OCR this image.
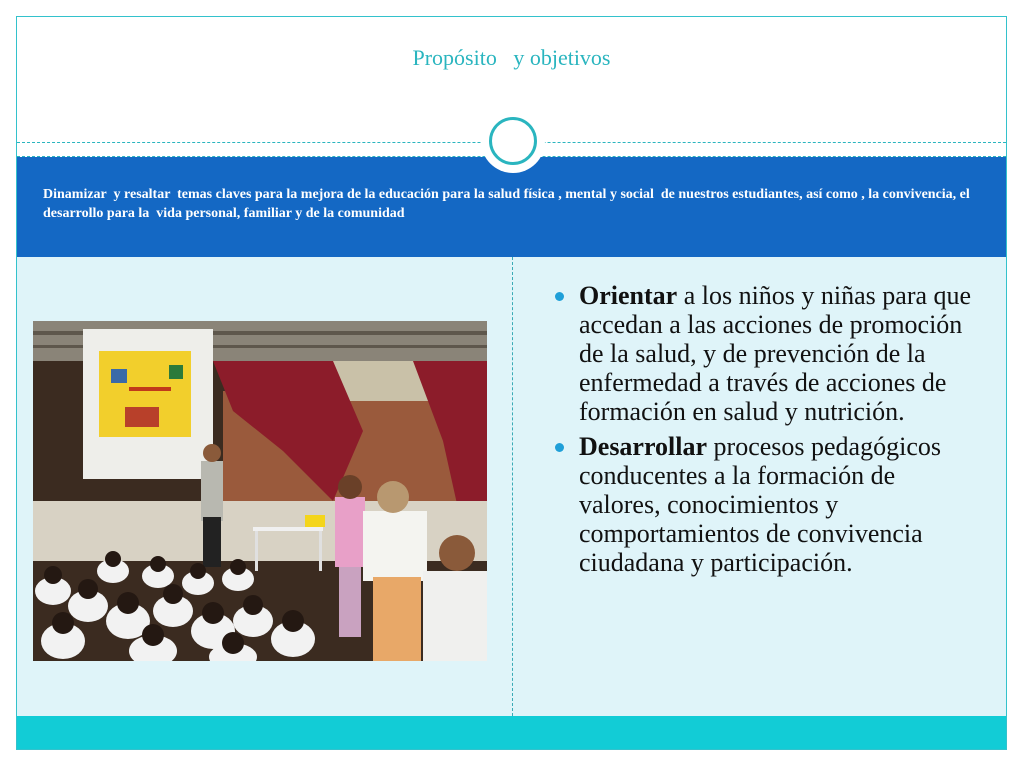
Propósito   y objetivos
Dinamizar  y resaltar  temas claves para la mejora de la educación para la salud física , mental y social  de nuestros estudiantes, así como , la convivencia, el desarrollo para la  vida personal, familiar y de la comunidad
Orientar a los niños y niñas para que accedan a las acciones de promoción de la salud, y de prevención de la enfermedad a través de acciones de formación en salud y nutrición.
Desarrollar procesos pedagógicos conducentes a la formación de valores, conocimientos y comportamientos de convivencia ciudadana y participación.
